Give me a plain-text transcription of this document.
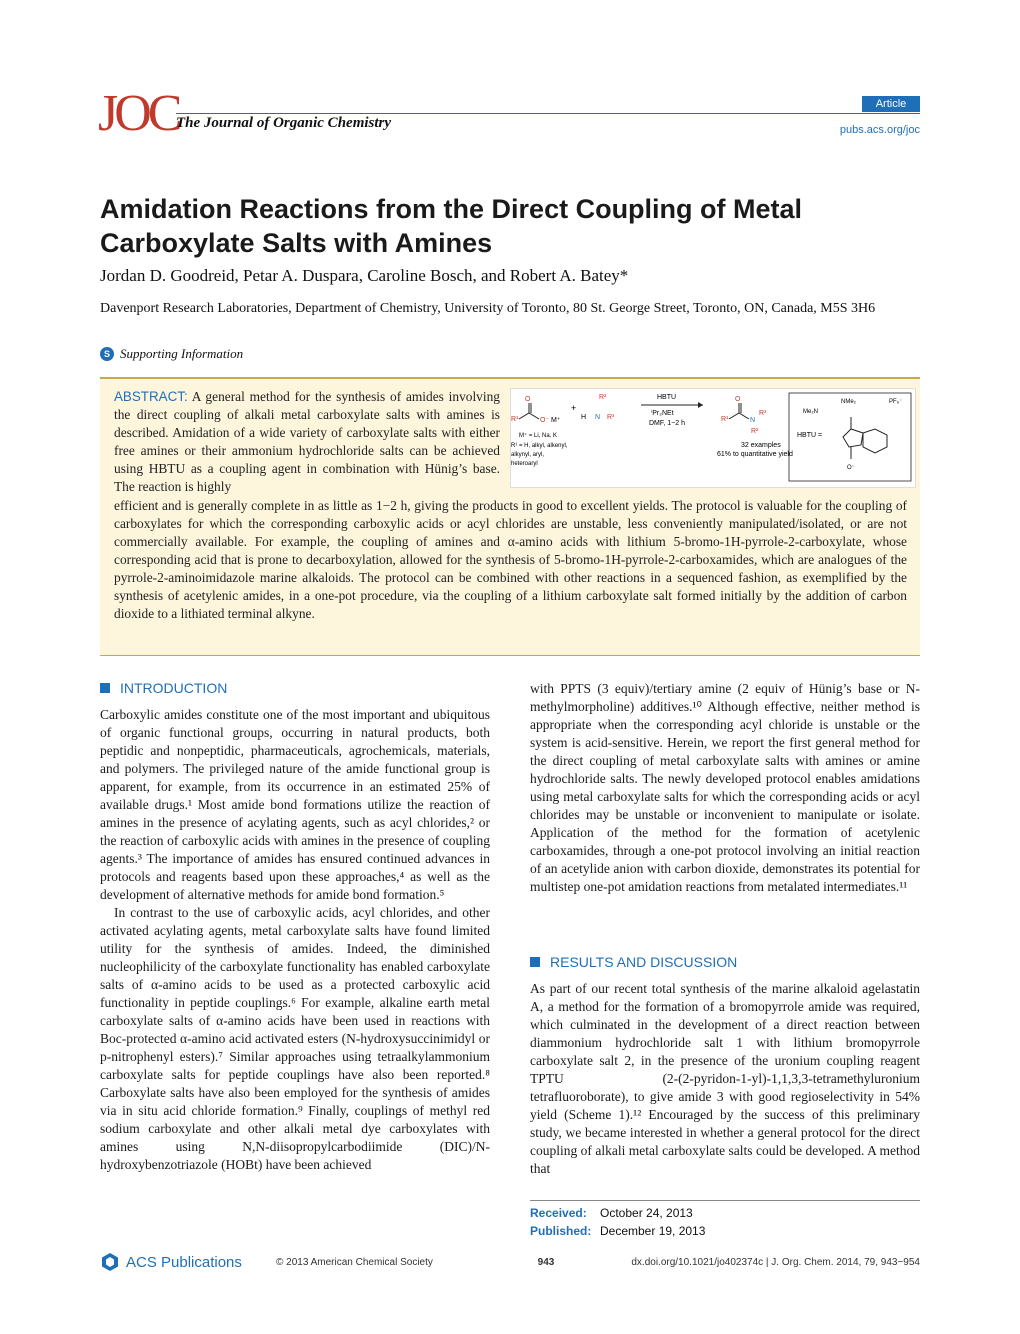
Article
JOC
The Journal of Organic Chemistry	pubs.acs.org/joc
Amidation Reactions from the Direct Coupling of Metal Carboxylate Salts with Amines
Jordan D. Goodreid, Petar A. Duspara, Caroline Bosch, and Robert A. Batey*
Davenport Research Laboratories, Department of Chemistry, University of Toronto, 80 St. George Street, Toronto, ON, Canada, M5S 3H6
S Supporting Information
ABSTRACT: A general method for the synthesis of amides involving the direct coupling of alkali metal carboxylate salts with amines is described. Amidation of a wide variety of carboxylate salts with either free amines or their ammonium hydrochloride salts can be achieved using HBTU as a coupling agent in combination with Hünig’s base. The reaction is highly
efficient and is generally complete in as little as 1−2 h, giving the products in good to excellent yields. The protocol is valuable for the coupling of carboxylates for which the corresponding carboxylic acids or acyl chlorides are unstable, less conveniently manipulated/isolated, or are not commercially available. For example, the coupling of amines and α-amino acids with lithium 5-bromo-1H-pyrrole-2-carboxylate, whose corresponding acid that is prone to decarboxylation, allowed for the synthesis of 5-bromo-1H-pyrrole-2-carboxamides, which are analogues of the pyrrole-2-aminoimidazole marine alkaloids. The protocol can be combined with other reactions in a sequenced fashion, as exemplified by the synthesis of acetylenic amides, in a one-pot procedure, via the coupling of a lithium carboxylate salt formed initially by the addition of carbon dioxide to a lithiated terminal alkyne.
R¹
O
O⁻ M⁺
M⁺ = Li, Na, K
+
R²
H N R³
R¹ = H, alkyl, alkenyl,
alkynyl, aryl,
heteroaryl
HBTU
ⁱPr₂NEt
DMF, 1−2 h
R¹
O
N
R³
R²
32 examples
61% to quantitative yield
HBTU =
NMe₂
Me₂N
PF₆⁻
O⁻
INTRODUCTION

Carboxylic amides constitute one of the most important and ubiquitous of organic functional groups, occurring in natural products, both peptidic and nonpeptidic, pharmaceuticals, agrochemicals, materials, and polymers. The privileged nature of the amide functional group is apparent, for example, from its occurrence in an estimated 25% of available drugs.¹ Most amide bond formations utilize the reaction of amines in the presence of acylating agents, such as acyl chlorides,² or the reaction of carboxylic acids with amines in the presence of coupling agents.³ The importance of amides has ensured continued advances in protocols and reagents based upon these approaches,⁴ as well as the development of alternative methods for amide bond formation.⁵

In contrast to the use of carboxylic acids, acyl chlorides, and other activated acylating agents, metal carboxylate salts have found limited utility for the synthesis of amides. Indeed, the diminished nucleophilicity of the carboxylate functionality has enabled carboxylate salts of α-amino acids to be used as a protected carboxylic acid functionality in peptide couplings.⁶ For example, alkaline earth metal carboxylate salts of α-amino acids have been used in reactions with Boc-protected α-amino acid activated esters (N-hydroxysuccinimidyl or p-nitrophenyl esters).⁷ Similar approaches using tetraalkylammonium carboxylate salts for peptide couplings have also been reported.⁸ Carboxylate salts have also been employed for the synthesis of amides via in situ acid chloride formation.⁹ Finally, couplings of methyl red sodium carboxylate and other alkali metal dye carboxylates with amines using N,N-diisopropylcarbodiimide (DIC)/N-hydroxybenzotriazole (HOBt) have been achieved

with PPTS (3 equiv)/tertiary amine (2 equiv of Hünig’s base or N-methylmorpholine) additives.¹⁰ Although effective, neither method is appropriate when the corresponding acyl chloride is unstable or the system is acid-sensitive. Herein, we report the first general method for the direct coupling of metal carboxylate salts with amines or amine hydrochloride salts. The newly developed protocol enables amidations using metal carboxylate salts for which the corresponding acids or acyl chlorides may be unstable or inconvenient to manipulate or isolate. Application of the method for the formation of acetylenic carboxamides, through a one-pot protocol involving an initial reaction of an acetylide anion with carbon dioxide, demonstrates its potential for multistep one-pot amidation reactions from metalated intermediates.¹¹

RESULTS AND DISCUSSION

As part of our recent total synthesis of the marine alkaloid agelastatin A, a method for the formation of a bromopyrrole amide was required, which culminated in the development of a direct reaction between diammonium hydrochloride salt 1 with lithium bromopyrrole carboxylate salt 2, in the presence of the uronium coupling reagent TPTU (2-(2-pyridon-1-yl)-1,1,3,3-tetramethyluronium tetrafluoroborate), to give amide 3 with good regioselectivity in 54% yield (Scheme 1).¹² Encouraged by the success of this preliminary study, we became interested in whether a general protocol for the direct coupling of alkali metal carboxylate salts could be developed. A method that

Received: October 24, 2013
Published: December 19, 2013
ACS Publications	© 2013 American Chemical Society	943	dx.doi.org/10.1021/jo402374c | J. Org. Chem. 2014, 79, 943−954
